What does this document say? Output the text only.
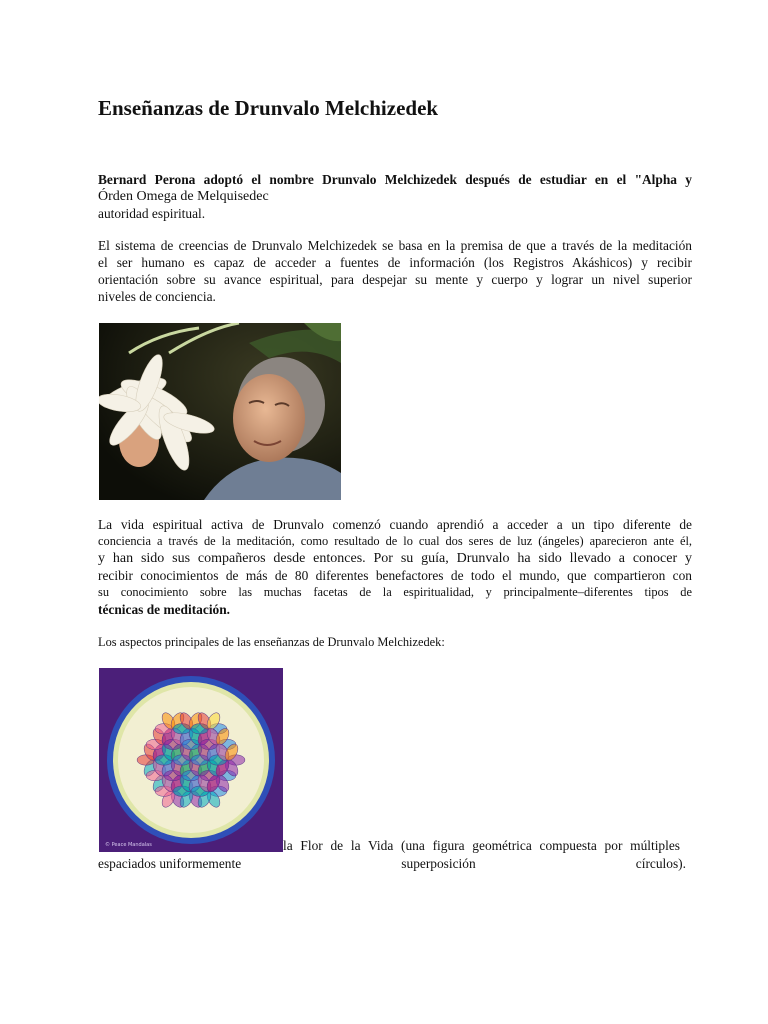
Enseñanzas de Drunvalo Melchizedek

Bernard Perona adoptó el nombre Drunvalo Melchizedek después de estudiar en el "Alpha y

Órden Omega de Melquisedec

autoridad espiritual.

El sistema de creencias de Drunvalo Melchizedek se basa en la premisa de que a través de la meditación

el ser humano es capaz de acceder a fuentes de información (los Registros Akáshicos) y recibir

orientación sobre su avance espiritual, para despejar su mente y cuerpo y lograr un nivel superior

niveles de conciencia.

La vida espiritual activa de Drunvalo comenzó cuando aprendió a acceder a un tipo diferente de

conciencia a través de la meditación, como resultado de lo cual dos seres de luz (ángeles) aparecieron ante él,

y han sido sus compañeros desde entonces. Por su guía, Drunvalo ha sido llevado a conocer y

recibir conocimientos de más de 80 diferentes benefactores de todo el mundo, que compartieron con

su conocimiento sobre las muchas facetas de la espiritualidad, y principalmente–diferentes tipos de

técnicas de meditación.

Los aspectos principales de las enseñanzas de Drunvalo Melchizedek:

© Peace Mandalas	la Flor de la Vida (una figura geométrica compuesta por múltiples
espaciados uniformemente	superposición	círculos).
